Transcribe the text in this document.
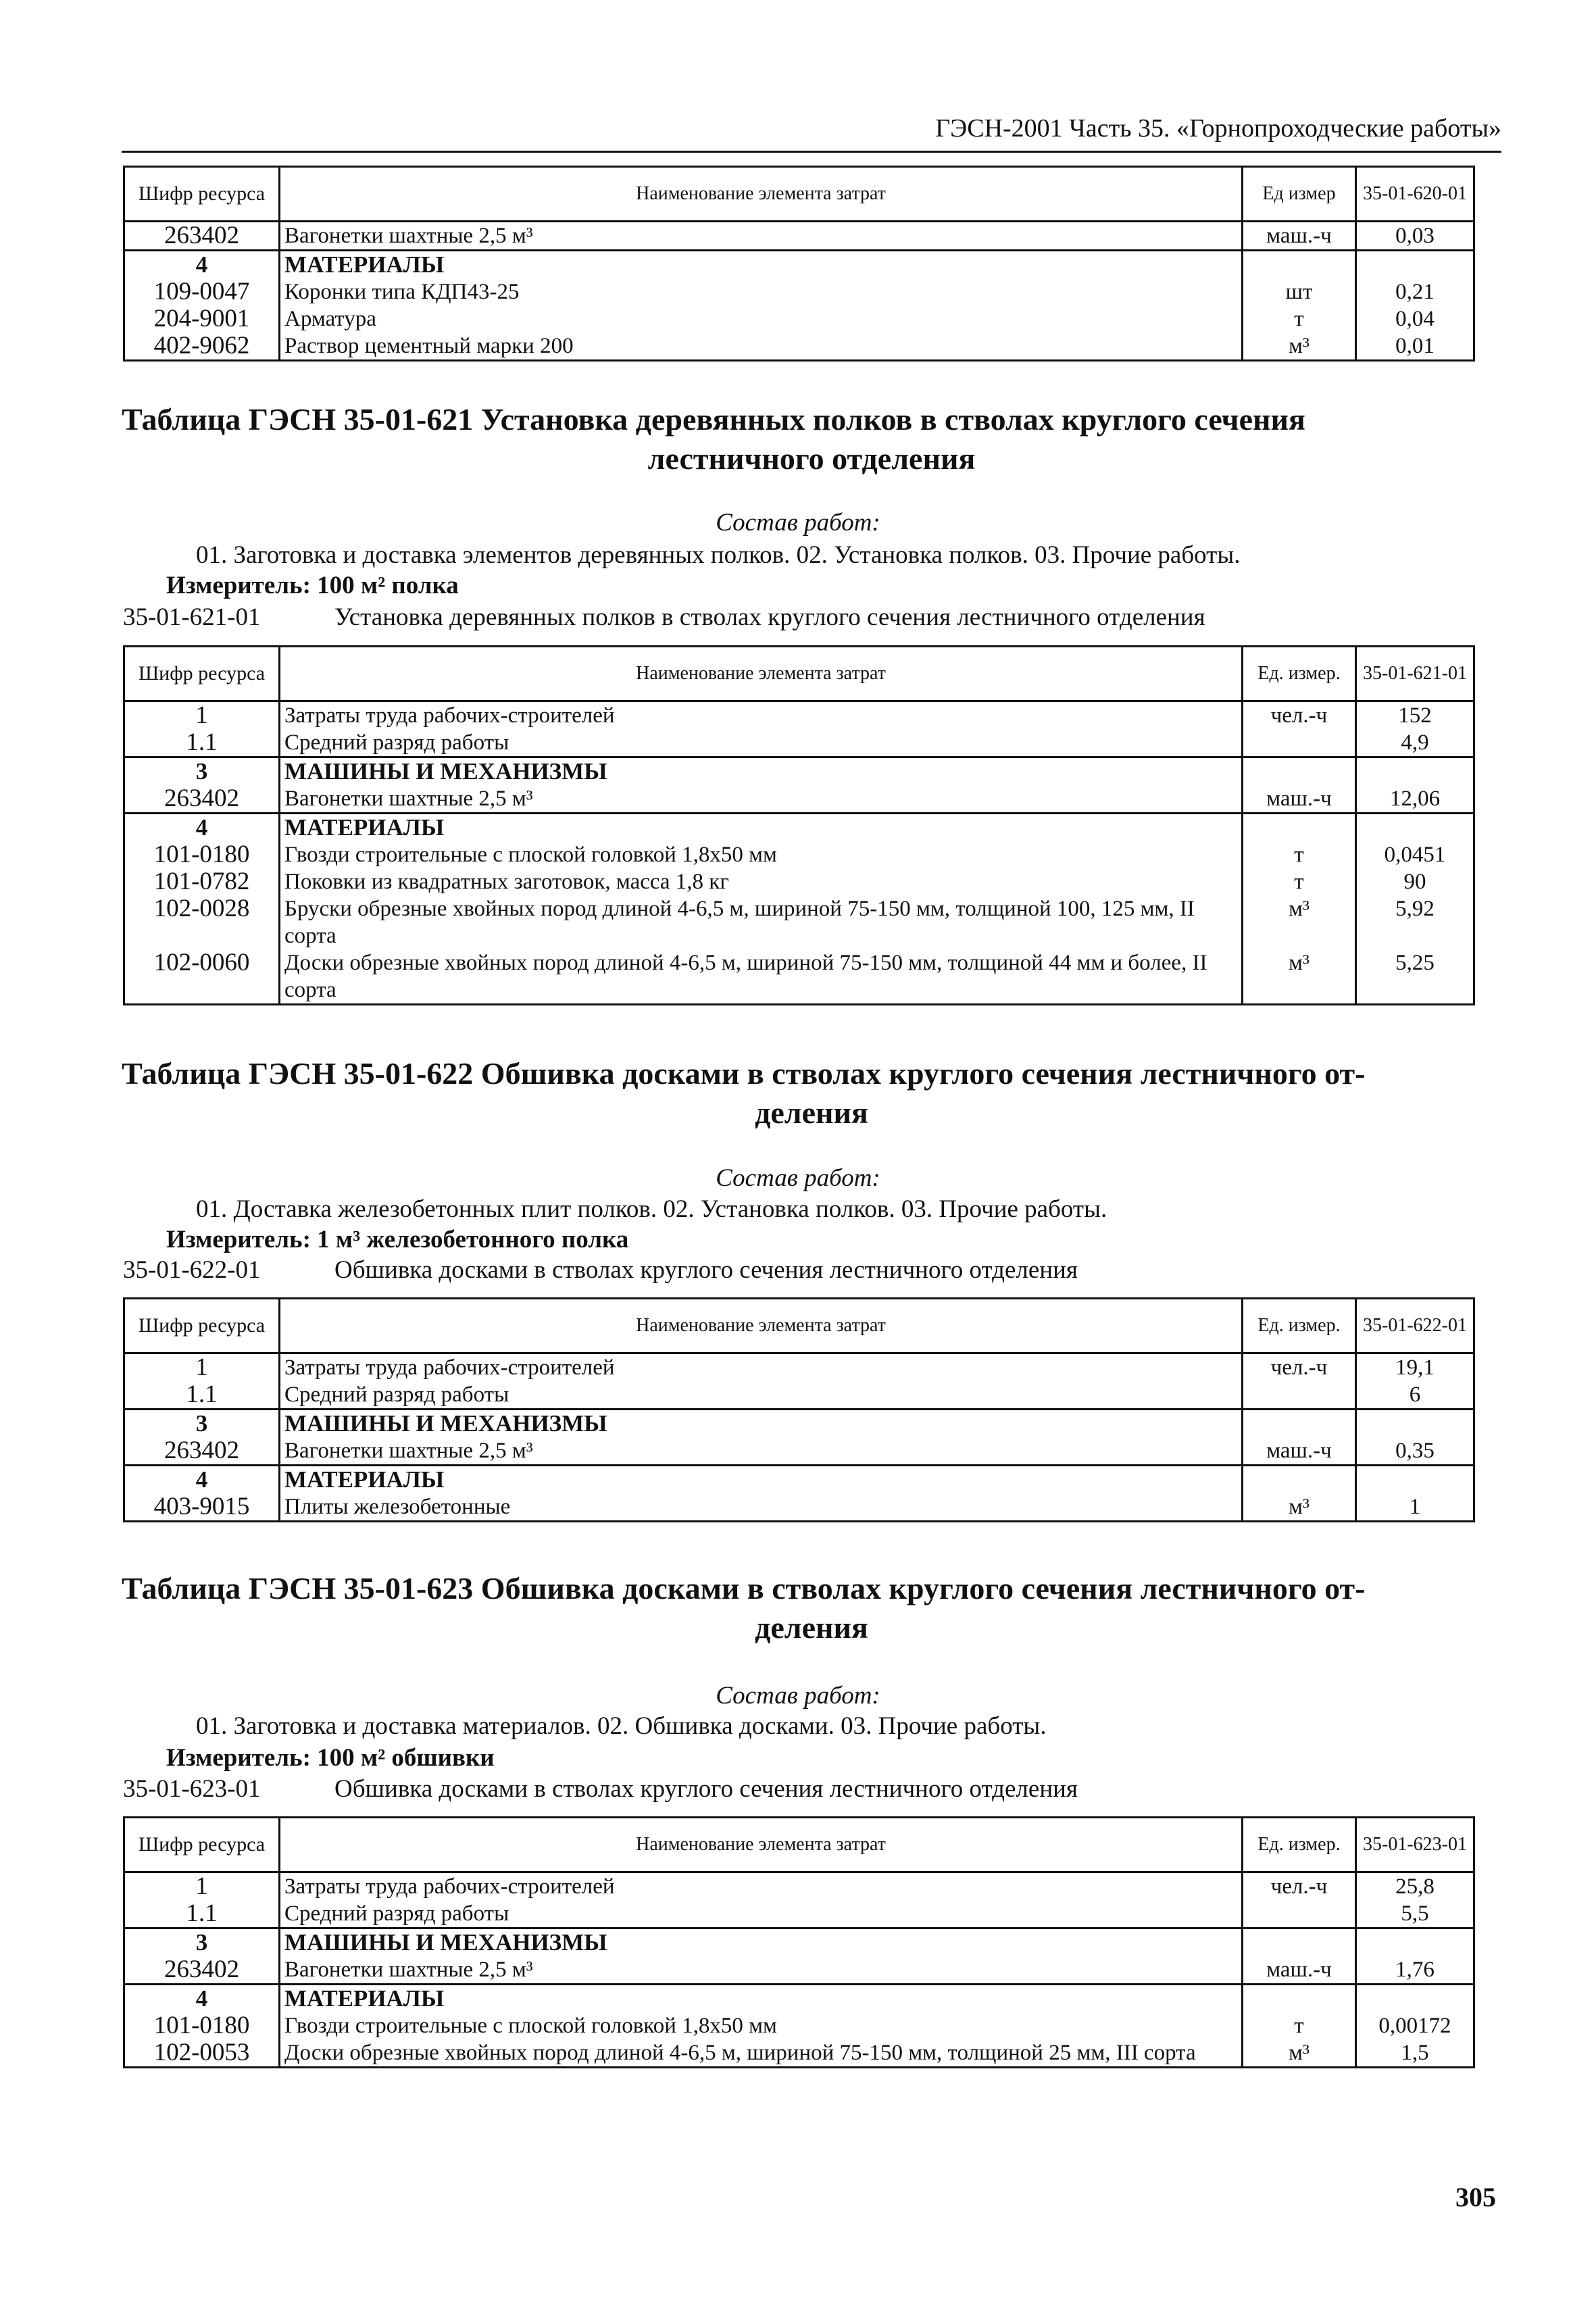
ГЭСН-2001 Часть 35. «Горнопроходческие работы»
Шифр ресурса	Наименование элемента затрат	Ед измер	35-01-620-01
263402	Вагонетки шахтные 2,5 м³	маш.-ч	0,03
4	МАТЕРИАЛЫ		
109-0047	Коронки типа КДП43-25	шт	0,21
204-9001	Арматура	т	0,04
402-9062	Раствор цементный марки 200	м³	0,01
Таблица ГЭСН 35-01-621 Установка деревянных полков в стволах круглого сечения
лестничного отделения
Состав работ:
01. Заготовка и доставка элементов деревянных полков. 02. Установка полков. 03. Прочие работы.
Измеритель: 100 м² полка
35-01-621-01	Установка деревянных полков в стволах круглого сечения лестничного отделения
Шифр ресурса	Наименование элемента затрат	Ед. измер.	35-01-621-01
1	Затраты труда рабочих-строителей	чел.-ч	152
1.1	Средний разряд работы		4,9
3	МАШИНЫ И МЕХАНИЗМЫ		
263402	Вагонетки шахтные 2,5 м³	маш.-ч	12,06
4	МАТЕРИАЛЫ		
101-0180	Гвозди строительные с плоской головкой 1,8х50 мм	т	0,0451
101-0782	Поковки из квадратных заготовок, масса 1,8 кг	т	90
102-0028	Бруски обрезные хвойных пород длиной 4-6,5 м, шириной 75-150 мм, толщиной 100, 125 мм, II сорта	м³	5,92
102-0060	Доски обрезные хвойных пород длиной 4-6,5 м, шириной 75-150 мм, толщиной 44 мм и более, II сорта	м³	5,25
Таблица ГЭСН 35-01-622 Обшивка досками в стволах круглого сечения лестничного от-
деления
Состав работ:
01. Доставка железобетонных плит полков. 02. Установка полков. 03. Прочие работы.
Измеритель: 1 м³ железобетонного полка
35-01-622-01	Обшивка досками в стволах круглого сечения лестничного отделения
Шифр ресурса	Наименование элемента затрат	Ед. измер.	35-01-622-01
1	Затраты труда рабочих-строителей	чел.-ч	19,1
1.1	Средний разряд работы		6
3	МАШИНЫ И МЕХАНИЗМЫ		
263402	Вагонетки шахтные 2,5 м³	маш.-ч	0,35
4	МАТЕРИАЛЫ		
403-9015	Плиты железобетонные	м³	1
Таблица ГЭСН 35-01-623 Обшивка досками в стволах круглого сечения лестничного от-
деления
Состав работ:
01. Заготовка и доставка материалов. 02. Обшивка досками. 03. Прочие работы.
Измеритель: 100 м² обшивки
35-01-623-01	Обшивка досками в стволах круглого сечения лестничного отделения
Шифр ресурса	Наименование элемента затрат	Ед. измер.	35-01-623-01
1	Затраты труда рабочих-строителей	чел.-ч	25,8
1.1	Средний разряд работы		5,5
3	МАШИНЫ И МЕХАНИЗМЫ		
263402	Вагонетки шахтные 2,5 м³	маш.-ч	1,76
4	МАТЕРИАЛЫ		
101-0180	Гвозди строительные с плоской головкой 1,8х50 мм	т	0,00172
102-0053	Доски обрезные хвойных пород длиной 4-6,5 м, шириной 75-150 мм, толщиной 25 мм, III сорта	м³	1,5
305
